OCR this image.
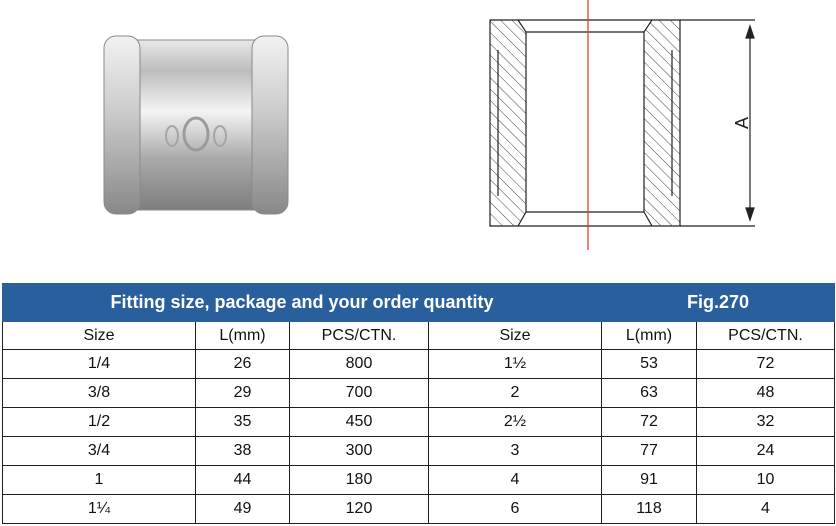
A
Fitting size, package and your order quantity				Fig.270	
Size	L(mm)	PCS/CTN.	Size	L(mm)	PCS/CTN.
1/4	26	800	1½	53	72
3/8	29	700	2	63	48
1/2	35	450	2½	72	32
3/4	38	300	3	77	24
1	44	180	4	91	10
1¼	49	120	6	118	4
